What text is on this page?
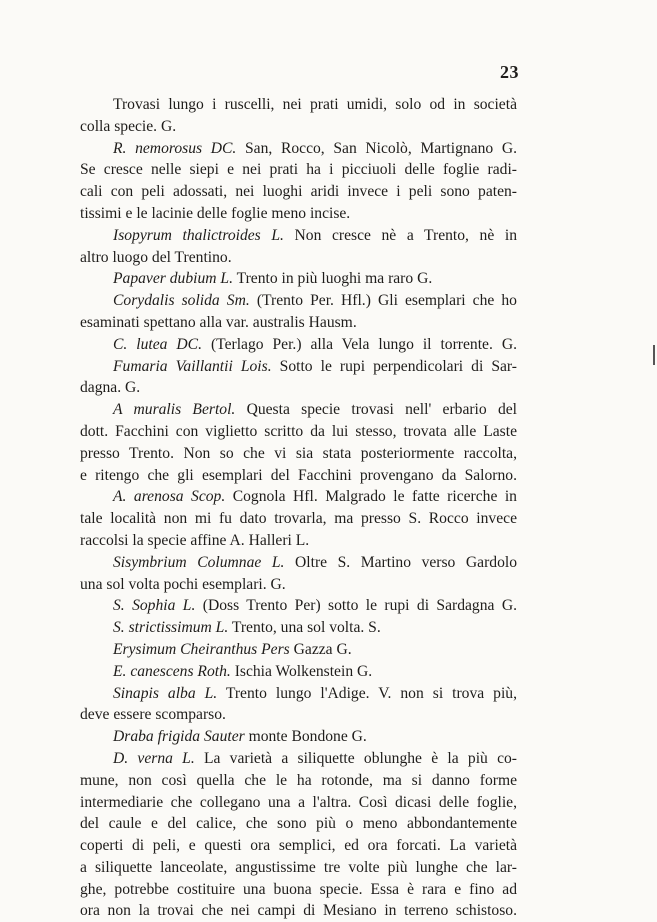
23
Trovasi lungo i ruscelli, nei prati umidi, solo od in società
colla specie. G.
R. nemorosus DC. San, Rocco, San Nicolò, Martignano G.
Se cresce nelle siepi e nei prati ha i picciuoli delle foglie radi-
cali con peli adossati, nei luoghi aridi invece i peli sono paten-
tissimi e le lacinie delle foglie meno incise.
Isopyrum thalictroides L. Non cresce nè a Trento, nè in
altro luogo del Trentino.
Papaver dubium L. Trento in più luoghi ma raro G.
Corydalis solida Sm. (Trento Per. Hfl.) Gli esemplari che ho
esaminati spettano alla var. australis Hausm.
C. lutea DC. (Terlago Per.) alla Vela lungo il torrente. G.
Fumaria Vaillantii Lois. Sotto le rupi perpendicolari di Sar-
dagna. G.
A muralis Bertol. Questa specie trovasi nell' erbario del
dott. Facchini con viglietto scritto da lui stesso, trovata alle Laste
presso Trento. Non so che vi sia stata posteriormente raccolta,
e ritengo che gli esemplari del Facchini provengano da Salorno.
A. arenosa Scop. Cognola Hfl. Malgrado le fatte ricerche in
tale località non mi fu dato trovarla, ma presso S. Rocco invece
raccolsi la specie affine A. Halleri L.
Sisymbrium Columnae L. Oltre S. Martino verso Gardolo
una sol volta pochi esemplari. G.
S. Sophia L. (Doss Trento Per) sotto le rupi di Sardagna G.
S. strictissimum L. Trento, una sol volta. S.
Erysimum Cheiranthus Pers Gazza G.
E. canescens Roth. Ischia Wolkenstein G.
Sinapis alba L. Trento lungo l'Adige. V. non si trova più,
deve essere scomparso.
Draba frigida Sauter monte Bondone G.
D. verna L. La varietà a siliquette oblunghe è la più co-
mune, non così quella che le ha rotonde, ma si danno forme
intermediarie che collegano una a l'altra. Così dicasi delle foglie,
del caule e del calice, che sono più o meno abbondantemente
coperti di peli, e questi ora semplici, ed ora forcati. La varietà
a siliquette lanceolate, angustissime tre volte più lunghe che lar-
ghe, potrebbe costituire una buona specie. Essa è rara e fino ad
ora non la trovai che nei campi di Mesiano in terreno schistoso.
